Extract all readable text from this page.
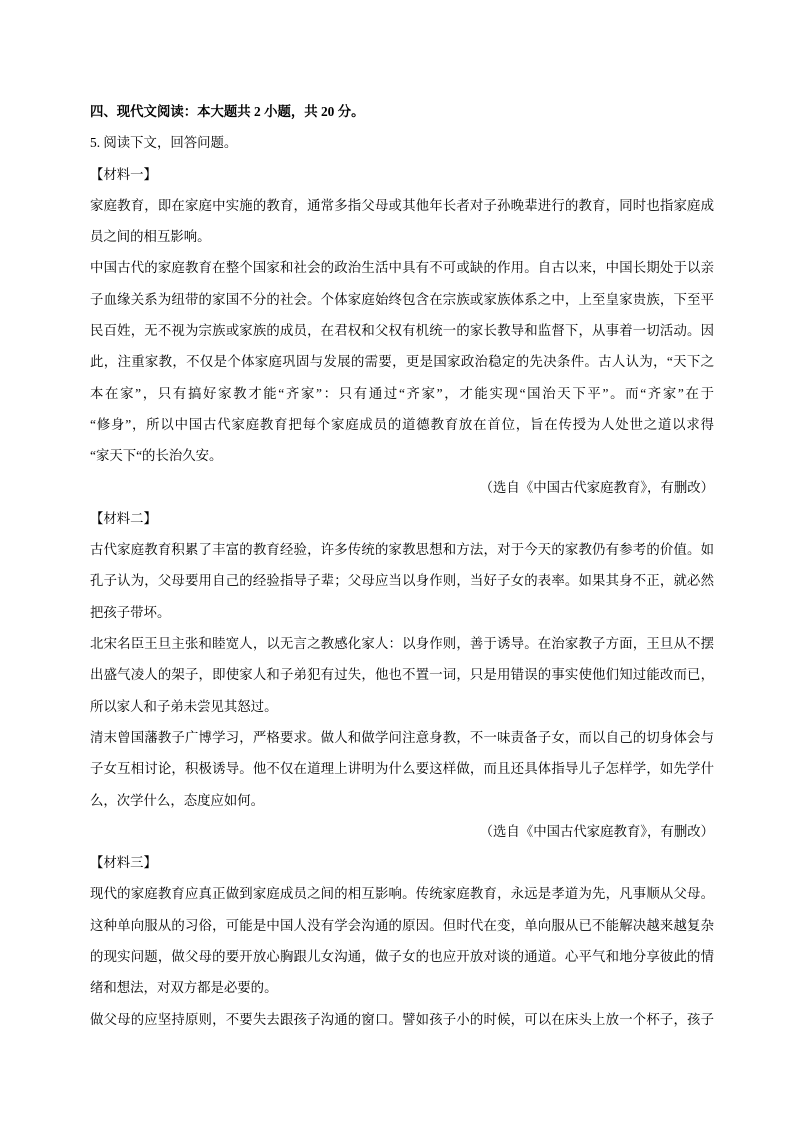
四、现代文阅读：本大题共 2 小题，共 20 分。
5. 阅读下文，回答问题。
【材料一】
家庭教育，即在家庭中实施的教育，通常多指父母或其他年长者对子孙晚辈进行的教育，同时也指家庭成
员之间的相互影响。
中国古代的家庭教育在整个国家和社会的政治生活中具有不可或缺的作用。自古以来，中国长期处于以亲
子血缘关系为纽带的家国不分的社会。个体家庭始终包含在宗族或家族体系之中，上至皇家贵族，下至平
民百姓，无不视为宗族或家族的成员，在君权和父权有机统一的家长教导和监督下，从事着一切活动。因
此，注重家教，不仅是个体家庭巩固与发展的需要，更是国家政治稳定的先决条件。古人认为，“天下之
本在家”，只有搞好家教才能“齐家”：只有通过“齐家”，才能实现“国治天下平”。而“齐家”在于
“修身”，所以中国古代家庭教育把每个家庭成员的道德教育放在首位，旨在传授为人处世之道以求得
“家天下“的长治久安。
（选自《中国古代家庭教育》，有删改）
【材料二】
古代家庭教育积累了丰富的教育经验，许多传统的家教思想和方法，对于今天的家教仍有参考的价值。如
孔子认为，父母要用自己的经验指导子辈；父母应当以身作则，当好子女的表率。如果其身不正，就必然
把孩子带坏。
北宋名臣王旦主张和睦宽人，以无言之教感化家人：以身作则，善于诱导。在治家教子方面，王旦从不摆
出盛气凌人的架子，即使家人和子弟犯有过失，他也不置一词，只是用错误的事实使他们知过能改而已，
所以家人和子弟未尝见其怒过。
清末曾国藩教子广博学习，严格要求。做人和做学问注意身教，不一味责备子女，而以自己的切身体会与
子女互相讨论，积极诱导。他不仅在道理上讲明为什么要这样做，而且还具体指导儿子怎样学，如先学什
么，次学什么，态度应如何。
（选自《中国古代家庭教育》，有删改）
【材料三】
现代的家庭教育应真正做到家庭成员之间的相互影响。传统家庭教育，永远是孝道为先，凡事顺从父母。
这种单向服从的习俗，可能是中国人没有学会沟通的原因。但时代在变，单向服从已不能解决越来越复杂
的现实问题，做父母的要开放心胸跟儿女沟通，做子女的也应开放对谈的通道。心平气和地分享彼此的情
绪和想法，对双方都是必要的。
做父母的应坚持原则，不要失去跟孩子沟通的窗口。譬如孩子小的时候，可以在床头上放一个杯子，孩子
